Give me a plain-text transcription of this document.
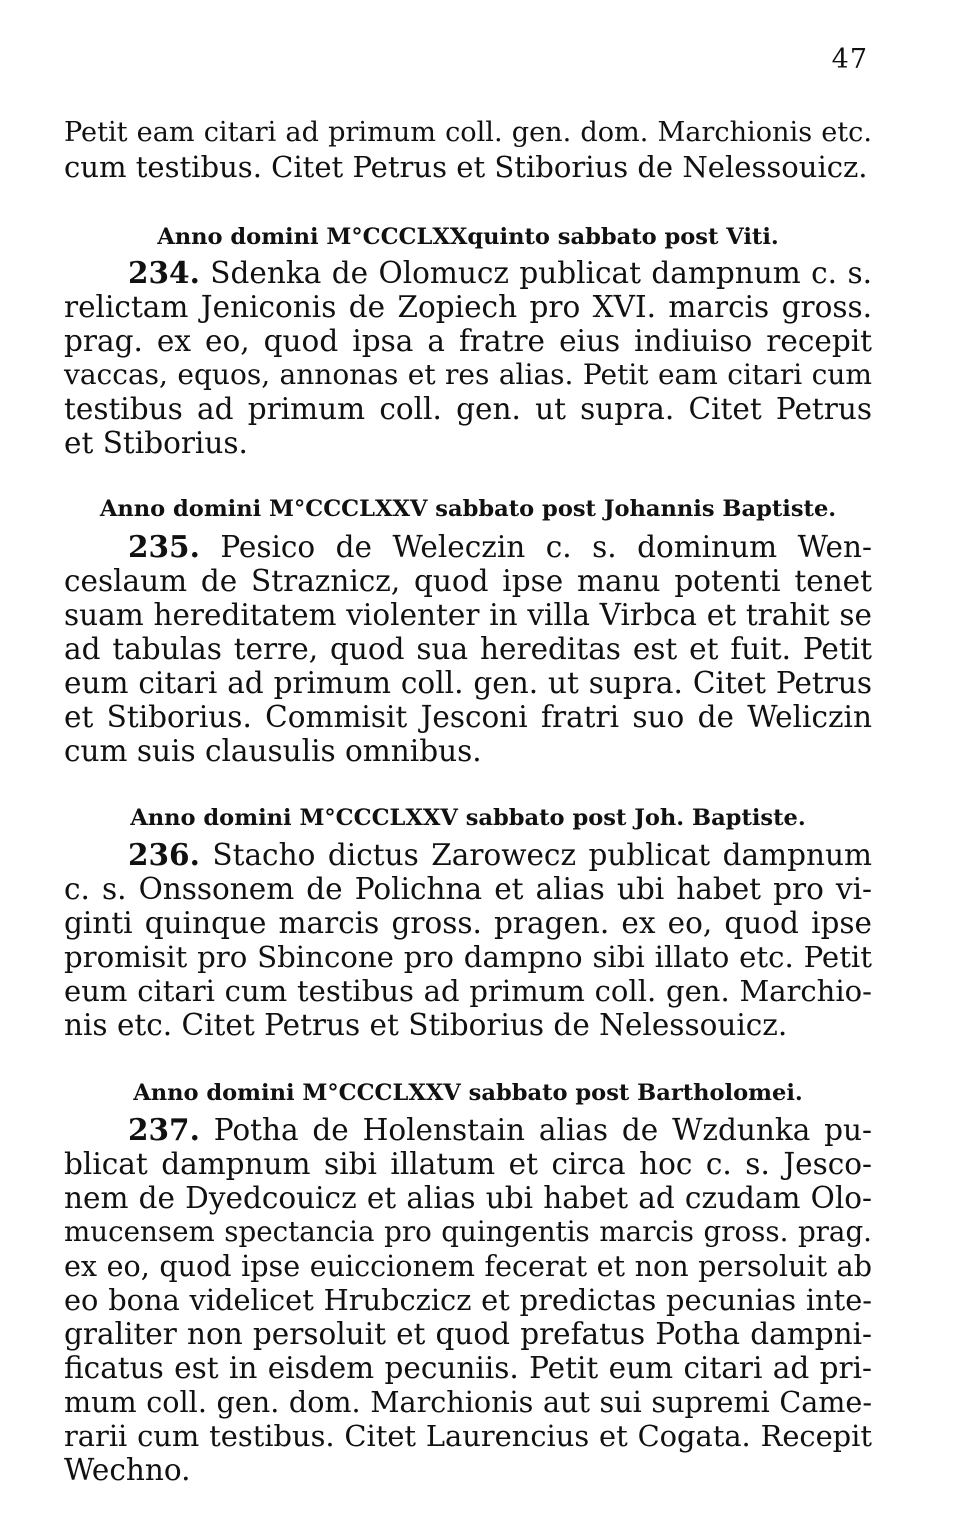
47
Petit eam citari ad primum coll. gen. dom. Marchionis etc.
cum testibus. Citet Petrus et Stiborius de Nelessouicz.
Anno domini M°CCCLXXquinto sabbato post Viti.
234. Sdenka de Olomucz publicat dampnum c. s.
relictam Jeniconis de Zopiech pro XVI. marcis gross.
prag. ex eo, quod ipsa a fratre eius indiuiso recepit
vaccas, equos, annonas et res alias. Petit eam citari cum
testibus ad primum coll. gen. ut supra. Citet Petrus
et Stiborius.
Anno domini M°CCCLXXV sabbato post Johannis Baptiste.
235. Pesico de Weleczin c. s. dominum Wen-
ceslaum de Straznicz, quod ipse manu potenti tenet
suam hereditatem violenter in villa Virbca et trahit se
ad tabulas terre, quod sua hereditas est et fuit. Petit
eum citari ad primum coll. gen. ut supra. Citet Petrus
et Stiborius. Commisit Jesconi fratri suo de Weliczin
cum suis clausulis omnibus.
Anno domini M°CCCLXXV sabbato post Joh. Baptiste.
236. Stacho dictus Zarowecz publicat dampnum
c. s. Onssonem de Polichna et alias ubi habet pro vi-
ginti quinque marcis gross. pragen. ex eo, quod ipse
promisit pro Sbincone pro dampno sibi illato etc. Petit
eum citari cum testibus ad primum coll. gen. Marchio-
nis etc. Citet Petrus et Stiborius de Nelessouicz.
Anno domini M°CCCLXXV sabbato post Bartholomei.
237. Potha de Holenstain alias de Wzdunka pu-
blicat dampnum sibi illatum et circa hoc c. s. Jesco-
nem de Dyedcouicz et alias ubi habet ad czudam Olo-
mucensem spectancia pro quingentis marcis gross. prag.
ex eo, quod ipse euiccionem fecerat et non persoluit ab
eo bona videlicet Hrubczicz et predictas pecunias inte-
graliter non persoluit et quod prefatus Potha dampni-
ficatus est in eisdem pecuniis. Petit eum citari ad pri-
mum coll. gen. dom. Marchionis aut sui supremi Came-
rarii cum testibus. Citet Laurencius et Cogata. Recepit
Wechno.
